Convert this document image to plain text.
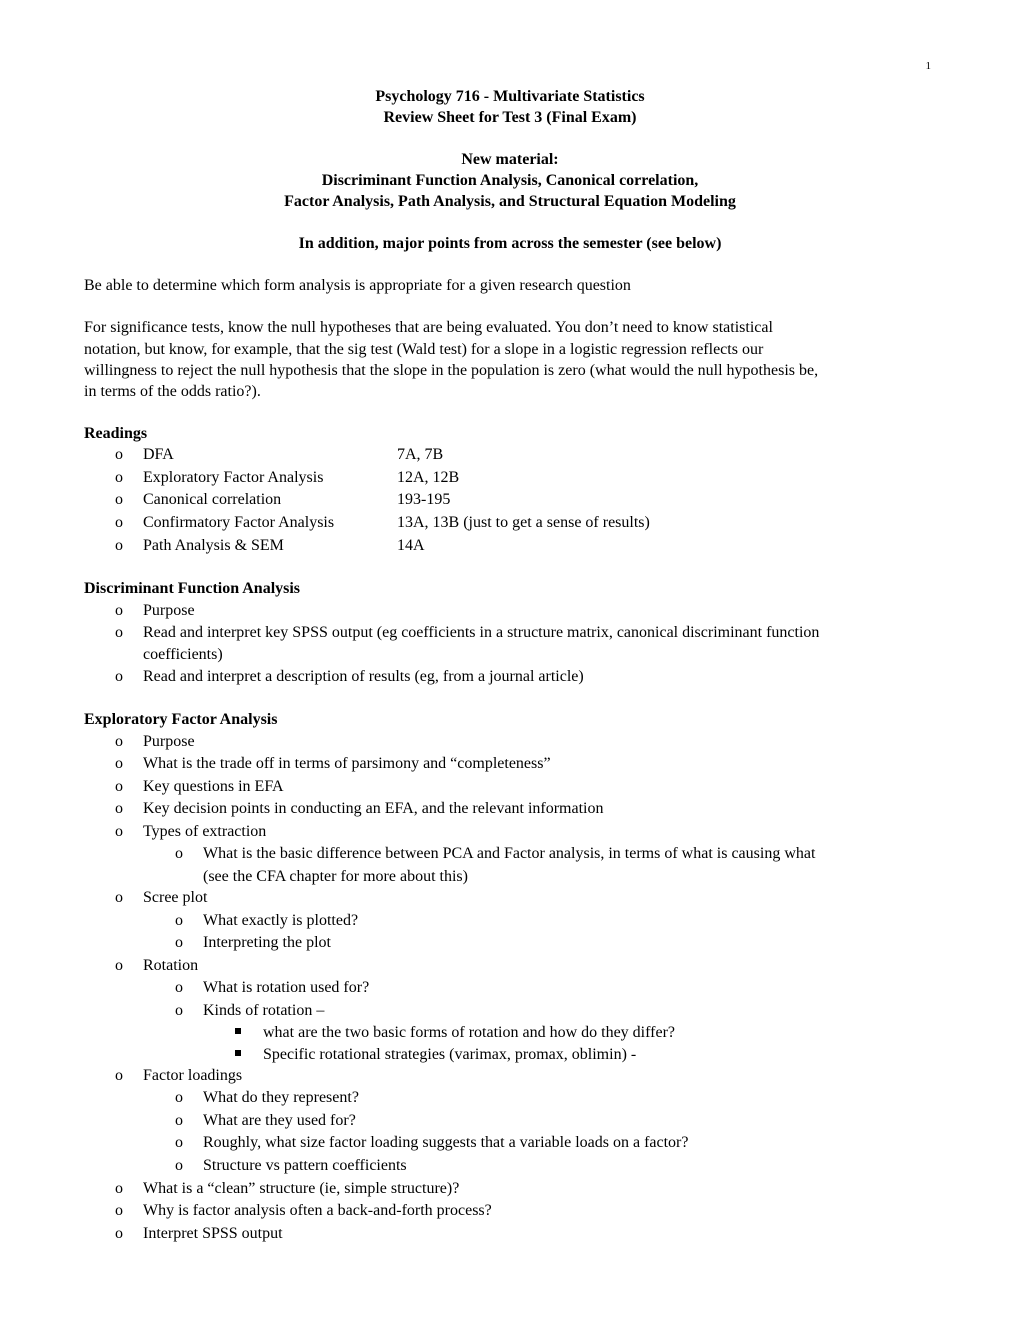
1
Psychology 716 - Multivariate Statistics
Review Sheet for Test 3 (Final Exam)
New material:
Discriminant Function Analysis, Canonical correlation,
Factor Analysis, Path Analysis, and Structural Equation Modeling
In addition, major points from across the semester (see below)
Be able to determine which form analysis is appropriate for a given research question
For significance tests, know the null hypotheses that are being evaluated. You don’t need to know statistical
notation, but know, for example, that the sig test (Wald test) for a slope in a logistic regression reflects our
willingness to reject the null hypothesis that the slope in the population is zero (what would the null hypothesis be,
in terms of the odds ratio?).
Readings
o DFA	7A, 7B
o Exploratory Factor Analysis	12A, 12B
o Canonical correlation	193-195
o Confirmatory Factor Analysis	13A, 13B (just to get a sense of results)
o Path Analysis & SEM	14A
Discriminant Function Analysis
o Purpose
o Read and interpret key SPSS output (eg coefficients in a structure matrix, canonical discriminant function
coefficients)
o Read and interpret a description of results (eg, from a journal article)
Exploratory Factor Analysis
o Purpose
o What is the trade off in terms of parsimony and “completeness”
o Key questions in EFA
o Key decision points in conducting an EFA, and the relevant information
o Types of extraction
o What is the basic difference between PCA and Factor analysis, in terms of what is causing what
(see the CFA chapter for more about this)
o Scree plot
o What exactly is plotted?
o Interpreting the plot
o Rotation
o What is rotation used for?
o Kinds of rotation –
what are the two basic forms of rotation and how do they differ?
Specific rotational strategies (varimax, promax, oblimin) -
o Factor loadings
o What do they represent?
o What are they used for?
o Roughly, what size factor loading suggests that a variable loads on a factor?
o Structure vs pattern coefficients
o What is a “clean” structure (ie, simple structure)?
o Why is factor analysis often a back-and-forth process?
o Interpret SPSS output
